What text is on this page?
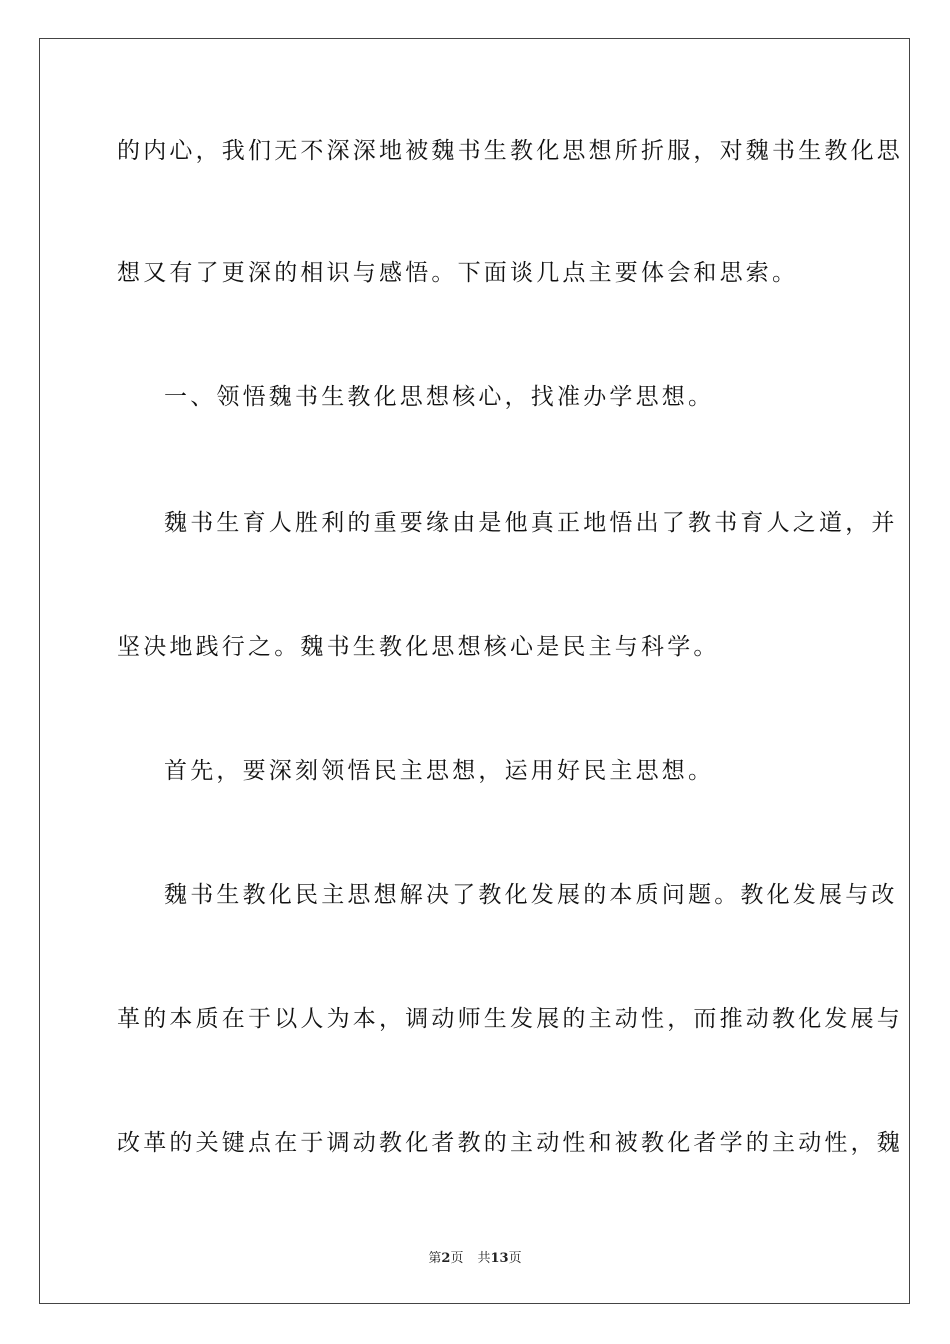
的内心，我们无不深深地被魏书生教化思想所折服，对魏书生教化思
想又有了更深的相识与感悟。下面谈几点主要体会和思索。
一、领悟魏书生教化思想核心，找准办学思想。
魏书生育人胜利的重要缘由是他真正地悟出了教书育人之道，并
坚决地践行之。魏书生教化思想核心是民主与科学。
首先，要深刻领悟民主思想，运用好民主思想。
魏书生教化民主思想解决了教化发展的本质问题。教化发展与改
革的本质在于以人为本，调动师生发展的主动性，而推动教化发展与
改革的关键点在于调动教化者教的主动性和被教化者学的主动性，魏
第2页 共13页
